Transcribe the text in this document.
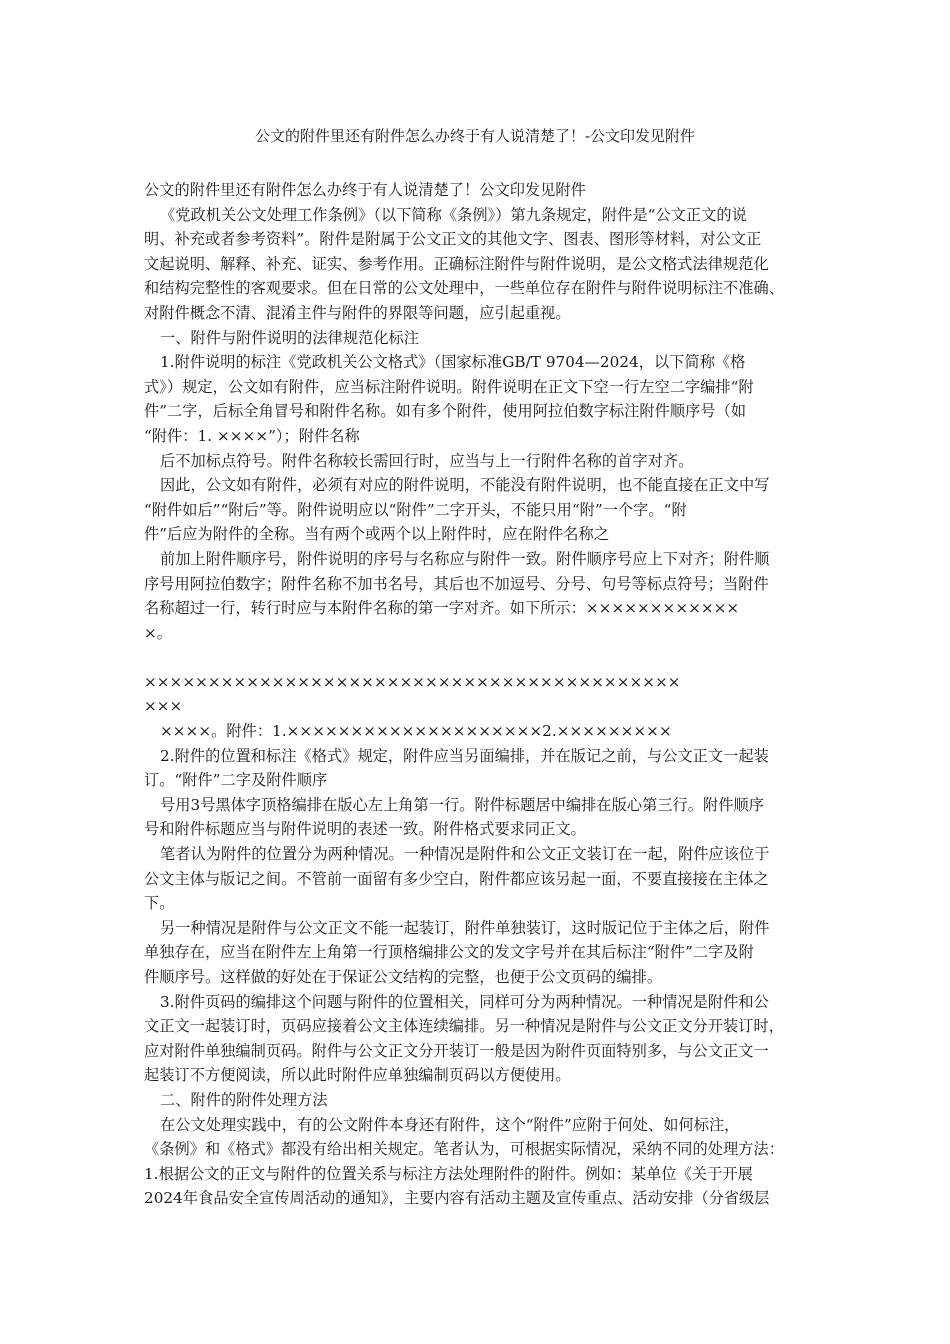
公文的附件里还有附件怎么办终于有人说清楚了！-公文印发见附件
公文的附件里还有附件怎么办终于有人说清楚了！公文印发见附件
《党政机关公文处理工作条例》（以下简称《条例》）第九条规定，附件是“公文正文的说
明、补充或者参考资料”。附件是附属于公文正文的其他文字、图表、图形等材料，对公文正
文起说明、解释、补充、证实、参考作用。正确标注附件与附件说明，是公文格式法律规范化
和结构完整性的客观要求。但在日常的公文处理中，一些单位存在附件与附件说明标注不准确、
对附件概念不清、混淆主件与附件的界限等问题，应引起重视。
一、附件与附件说明的法律规范化标注
1.附件说明的标注《党政机关公文格式》（国家标准GB/T 9704—2024，以下简称《格
式》）规定，公文如有附件，应当标注附件说明。附件说明在正文下空一行左空二字编排“附
件”二字，后标全角冒号和附件名称。如有多个附件，使用阿拉伯数字标注附件顺序号（如
“附件：1. ××××”）；附件名称
后不加标点符号。附件名称较长需回行时，应当与上一行附件名称的首字对齐。
因此，公文如有附件，必须有对应的附件说明，不能没有附件说明，也不能直接在正文中写
“附件如后”“附后”等。附件说明应以“附件”二字开头，不能只用“附”一个字。“附
件”后应为附件的全称。当有两个或两个以上附件时，应在附件名称之
前加上附件顺序号，附件说明的序号与名称应与附件一致。附件顺序号应上下对齐；附件顺
序号用阿拉伯数字；附件名称不加书名号，其后也不加逗号、分号、句号等标点符号；当附件
名称超过一行，转行时应与本附件名称的第一字对齐。如下所示：××××××××××××
×。
××××××××××××××××××××××××××××××××××××××××××
×××
××××。附件：1.××××××××××××××××××××2.×××××××××
2.附件的位置和标注《格式》规定，附件应当另面编排，并在版记之前，与公文正文一起装
订。“附件”二字及附件顺序
号用3号黑体字顶格编排在版心左上角第一行。附件标题居中编排在版心第三行。附件顺序
号和附件标题应当与附件说明的表述一致。附件格式要求同正文。
笔者认为附件的位置分为两种情况。一种情况是附件和公文正文装订在一起，附件应该位于
公文主体与版记之间。不管前一面留有多少空白，附件都应该另起一面，不要直接接在主体之
下。
另一种情况是附件与公文正文不能一起装订，附件单独装订，这时版记位于主体之后，附件
单独存在，应当在附件左上角第一行顶格编排公文的发文字号并在其后标注“附件”二字及附
件顺序号。这样做的好处在于保证公文结构的完整，也便于公文页码的编排。
3.附件页码的编排这个问题与附件的位置相关，同样可分为两种情况。一种情况是附件和公
文正文一起装订时，页码应接着公文主体连续编排。另一种情况是附件与公文正文分开装订时，
应对附件单独编制页码。附件与公文正文分开装订一般是因为附件页面特别多，与公文正文一
起装订不方便阅读，所以此时附件应单独编制页码以方便使用。
二、附件的附件处理方法
在公文处理实践中，有的公文附件本身还有附件，这个“附件”应附于何处、如何标注，
《条例》和《格式》都没有给出相关规定。笔者认为，可根据实际情况，采纳不同的处理方法：
1.根据公文的正文与附件的位置关系与标注方法处理附件的附件。例如：某单位《关于开展
2024年食品安全宣传周活动的通知》，主要内容有活动主题及宣传重点、活动安排（分省级层
